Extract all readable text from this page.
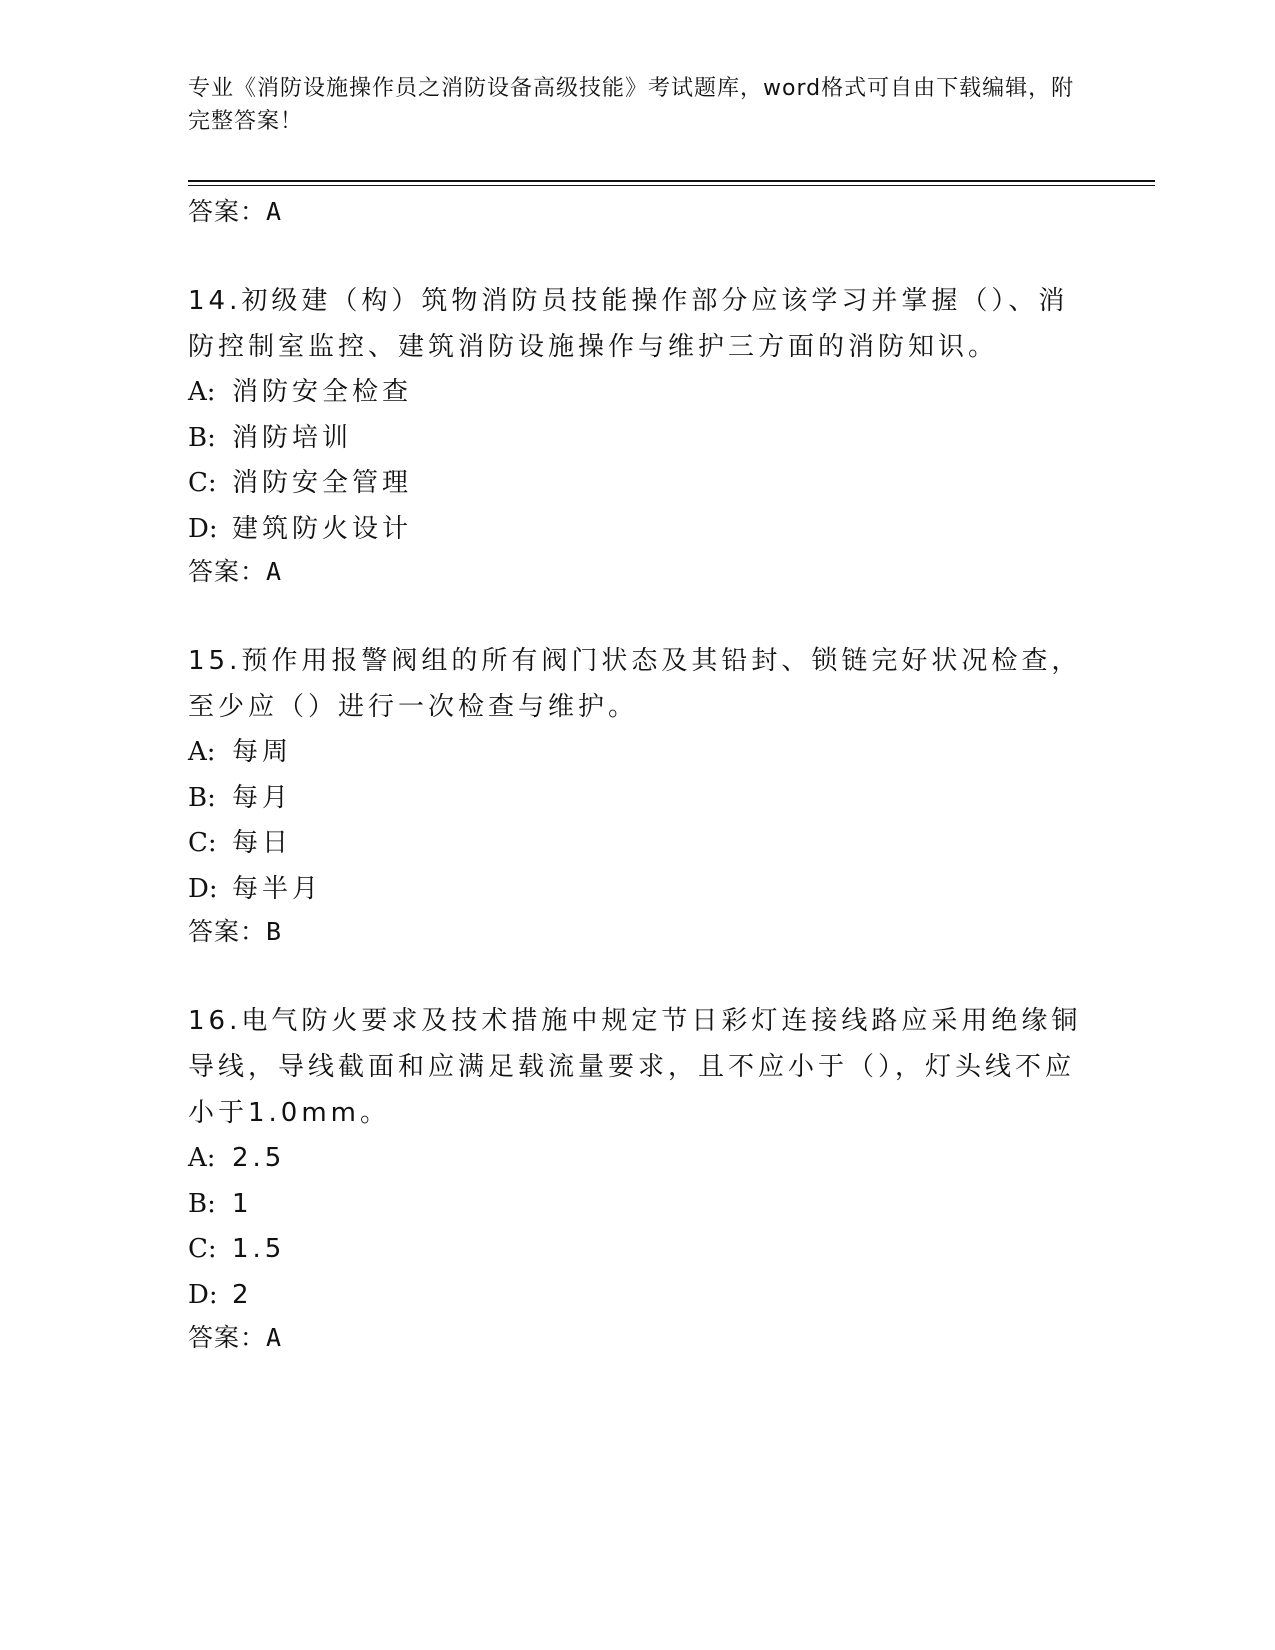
专业《消防设施操作员之消防设备高级技能》考试题库，word格式可自由下载编辑，附完整答案！
答案：A
14.初级建（构）筑物消防员技能操作部分应该学习并掌握（）、消防控制室监控、建筑消防设施操作与维护三方面的消防知识。
A: 消防安全检查
B: 消防培训
C: 消防安全管理
D: 建筑防火设计
答案：A
15.预作用报警阀组的所有阀门状态及其铅封、锁链完好状况检查，至少应（）进行一次检查与维护。
A: 每周
B: 每月
C: 每日
D: 每半月
答案：B
16.电气防火要求及技术措施中规定节日彩灯连接线路应采用绝缘铜导线，导线截面和应满足载流量要求，且不应小于（），灯头线不应小于1.0mm。
A: 2.5
B: 1
C: 1.5
D: 2
答案：A
